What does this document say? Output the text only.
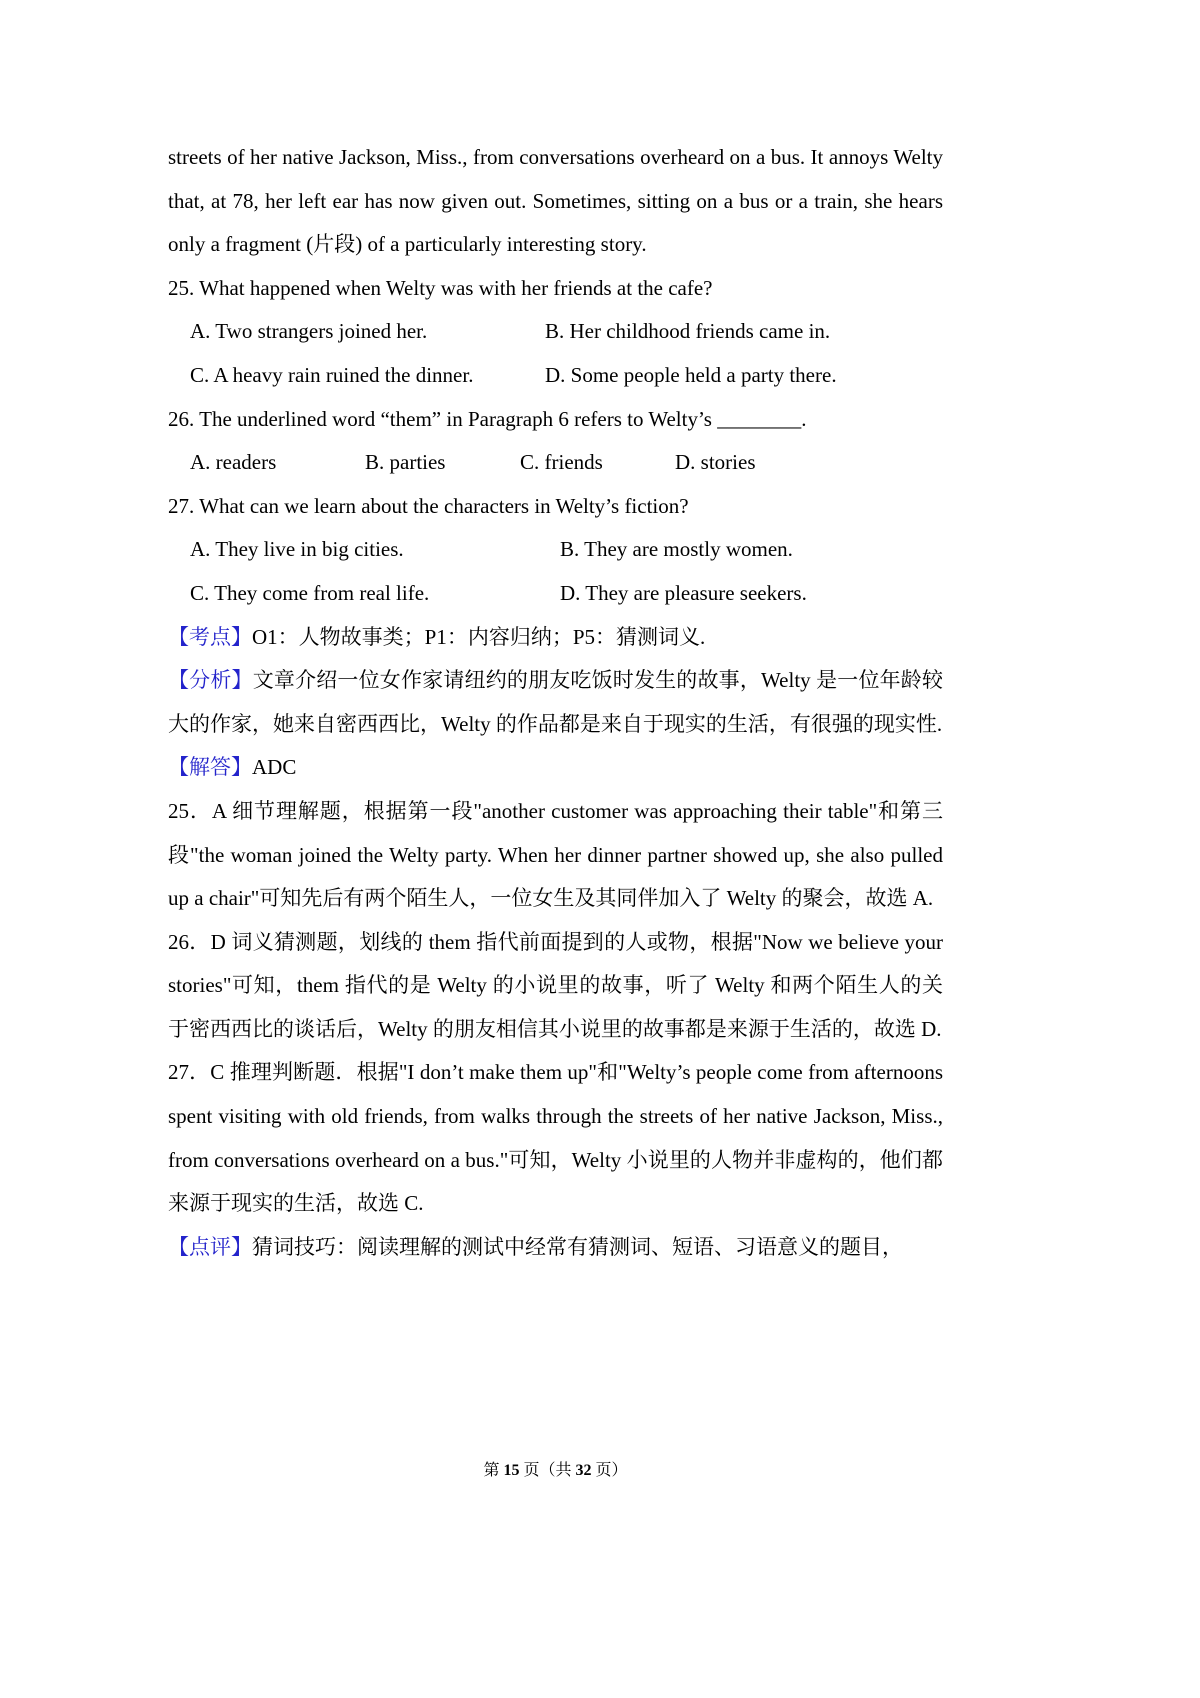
streets of her native Jackson, Miss., from conversations overheard on a bus. It annoys Welty that, at 78, her left ear has now given out. Sometimes, sitting on a bus or a train, she hears only a fragment (片段) of a particularly interesting story.

25. What happened when Welty was with her friends at the cafe?

A. Two strangers joined her.	B. Her childhood friends came in.
C. A heavy rain ruined the dinner.	D. Some people held a party there.

26. The underlined word “them” in Paragraph 6 refers to Welty’s ________.

A. readers	B. parties	C. friends	D. stories

27. What can we learn about the characters in Welty’s fiction?

A. They live in big cities.	B. They are mostly women.
C. They come from real life.	D. They are pleasure seekers.

【考点】O1：人物故事类；P1：内容归纳；P5：猜测词义.

【分析】文章介绍一位女作家请纽约的朋友吃饭时发生的故事，Welty 是一位年龄较大的作家，她来自密西西比，Welty 的作品都是来自于现实的生活，有很强的现实性.

【解答】ADC

25．A 细节理解题，根据第一段"another customer was approaching their table"和第三段"the woman joined the Welty party. When her dinner partner showed up, she also pulled up a chair"可知先后有两个陌生人，一位女生及其同伴加入了 Welty 的聚会，故选 A.

26．D 词义猜测题，划线的 them 指代前面提到的人或物，根据"Now we believe your stories"可知，them 指代的是 Welty 的小说里的故事，听了 Welty 和两个陌生人的关于密西西比的谈话后，Welty 的朋友相信其小说里的故事都是来源于生活的，故选 D.

27．C 推理判断题．根据"I don’t make them up"和"Welty’s people come from afternoons spent visiting with old friends, from walks through the streets of her native Jackson, Miss., from conversations overheard on a bus."可知，Welty 小说里的人物并非虚构的，他们都来源于现实的生活，故选 C.

【点评】猜词技巧：阅读理解的测试中经常有猜测词、短语、习语意义的题目，

第 15 页（共 32 页）
